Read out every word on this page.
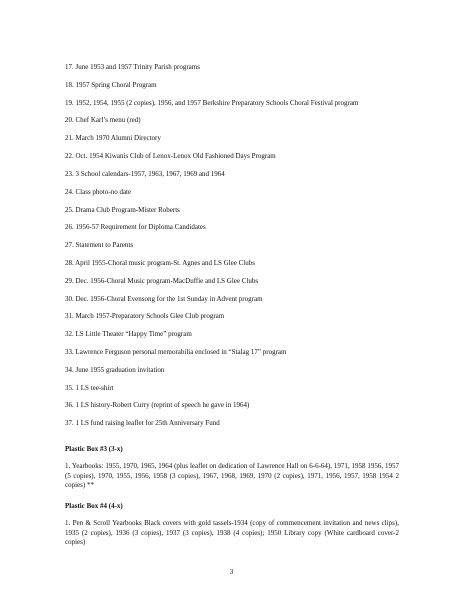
17. June 1953 and 1957 Trinity Parish programs
18. 1957 Spring Choral Program
19. 1952, 1954, 1955 (2 copies), 1956, and 1957 Berkshire Preparatory Schools Choral Festival program
20. Chef Karl’s menu (red)
21. March 1970 Alumni Directory
22. Oct. 1954 Kiwanis Club of Lenox-Lenox Old Fashioned Days Program
23. 3 School calendars-1957, 1963, 1967, 1969 and 1964
24. Class photo-no date
25. Drama Club Program-Mister Roberts
26. 1956-57 Requirement for Diploma Candidates
27. Statement to Parents
28. April 1955-Choral music program-St. Agnes and LS Glee Clubs
29. Dec. 1956-Choral Music program-MacDuffie and LS Glee Clubs
30. Dec. 1956-Choral Evensong for the 1st Sunday in Advent program
31. March 1957-Preparatory Schools Glee Club program
32. LS Little Theater “Happy Time” program
33. Lawrence Ferguson personal memorabilia enclosed in “Stalag 17” program
34. June 1955 graduation invitation
35. 1 LS tee-shirt
36. 1 LS history-Robert Curry (reprint of speech he gave in 1964)
37. 1 LS fund raising leaflet for 25th Anniversary Fund
Plastic Box #3 (3-x)
1. Yearbooks: 1955, 1970, 1965, 1964 (plus leaflet on dedication of Lawrence Hall on 6-6-64), 1971, 1958 1956, 1957 (5 copies), 1970, 1955, 1956, 1958 (3 copies), 1967, 1968, 1969, 1970 (2 copies), 1971, 1956, 1957, 1958 1954 2 copies) **
Plastic Box #4 (4-x)
1. Pen & Scroll Yearbooks Black covers with gold tassels-1934 (copy of commencement invitation and news clips), 1935 (2 copies), 1936 (3 copies), 1937 (3 copies), 1938 (4 copies); 1950 Library copy (White cardboard cover-2 copies)
3
